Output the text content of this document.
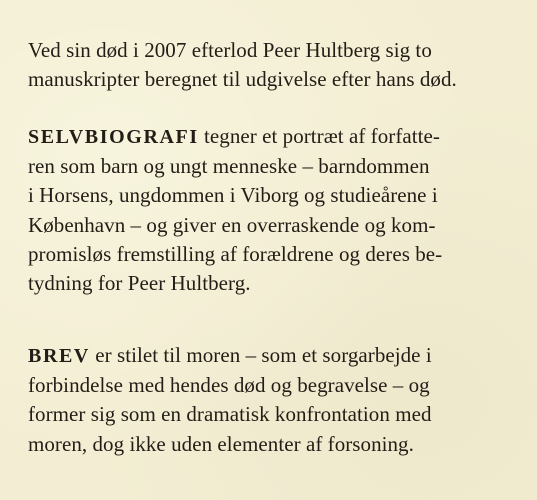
Ved sin død i 2007 efterlod Peer Hultberg sig to
manuskripter beregnet til udgivelse efter hans død.

SELVBIOGRAFI tegner et portræt af forfatte-
ren som barn og ungt menneske – barndommen
i Horsens, ungdommen i Viborg og studieårene i
København – og giver en overraskende og kom-
promisløs fremstilling af forældrene og deres be-
tydning for Peer Hultberg.

BREV er stilet til moren – som et sorgarbejde i
forbindelse med hendes død og begravelse – og
former sig som en dramatisk konfrontation med
moren, dog ikke uden elementer af forsoning.
